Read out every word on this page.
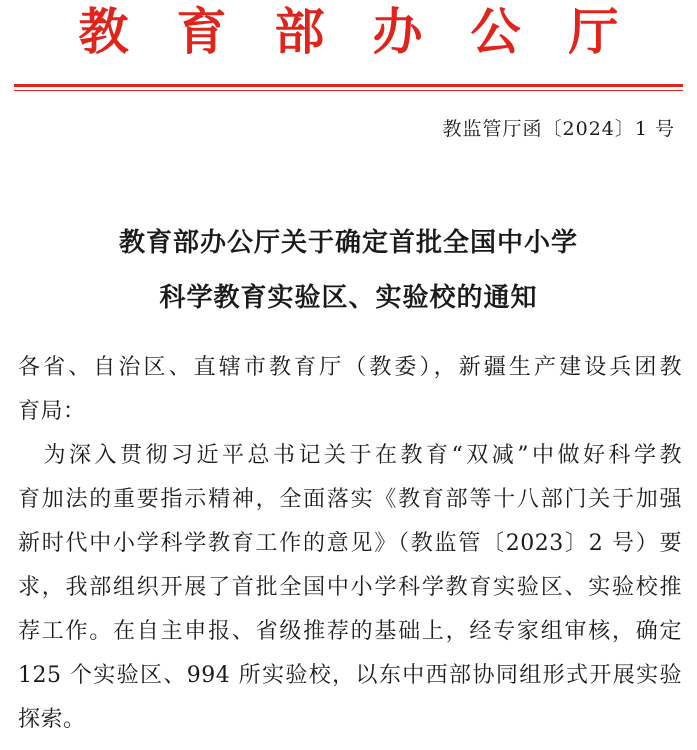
教育部办公厅
教监管厅函〔2024〕1 号
教育部办公厅关于确定首批全国中小学
科学教育实验区、实验校的通知
各省、自治区、直辖市教育厅（教委），新疆生产建设兵团教
育局：
　为深入贯彻习近平总书记关于在教育“双减”中做好科学教
育加法的重要指示精神，全面落实《教育部等十八部门关于加强
新时代中小学科学教育工作的意见》（教监管〔2023〕2 号）要
求，我部组织开展了首批全国中小学科学教育实验区、实验校推
荐工作。在自主申报、省级推荐的基础上，经专家组审核，确定
125 个实验区、994 所实验校，以东中西部协同组形式开展实验
探索。
